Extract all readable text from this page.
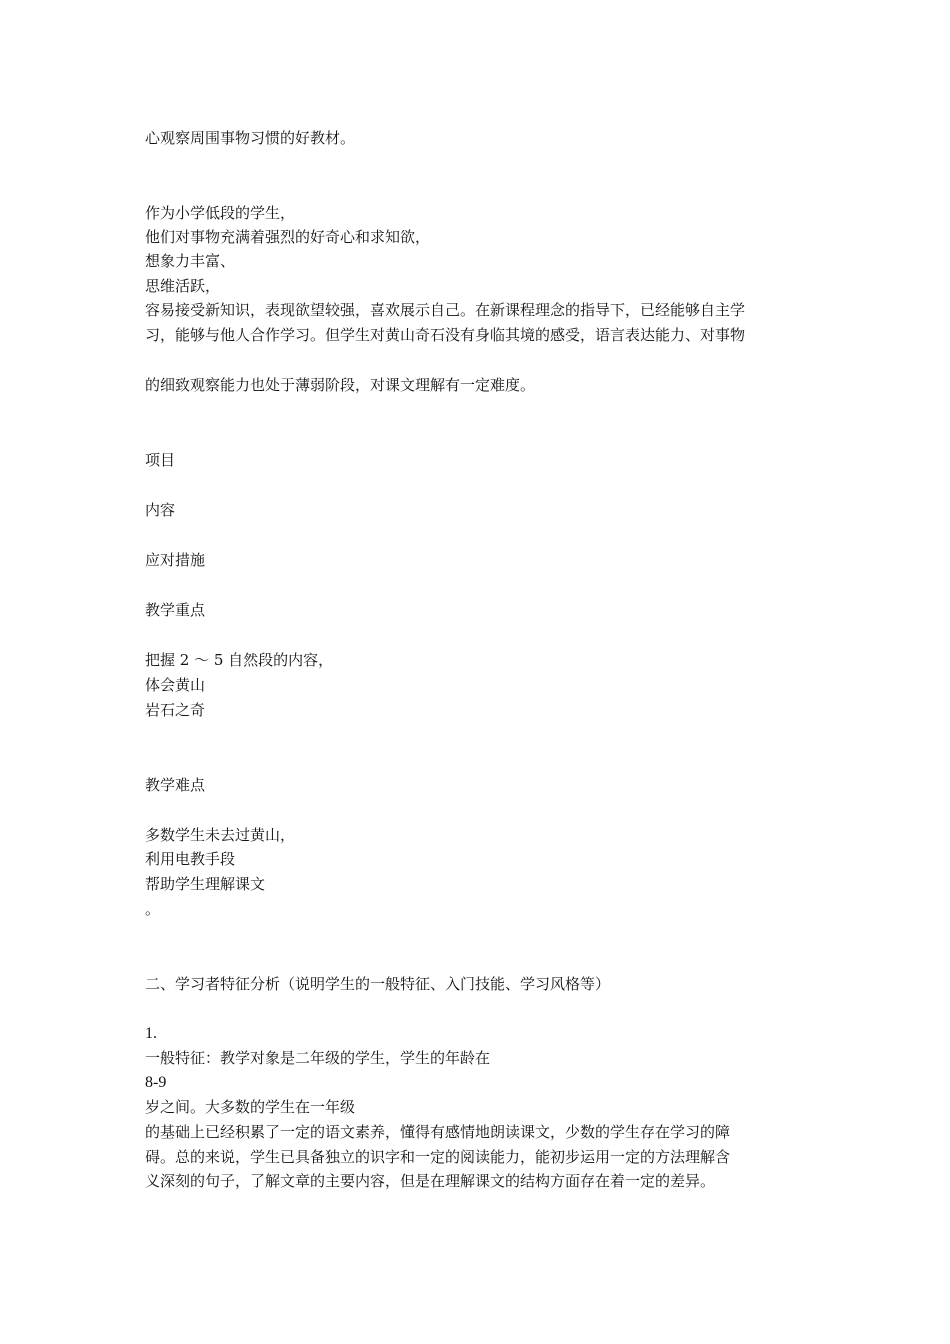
心观察周围事物习惯的好教材。
作为小学低段的学生，
他们对事物充满着强烈的好奇心和求知欲，
想象力丰富、
思维活跃，
容易接受新知识，表现欲望较强，喜欢展示自己。在新课程理念的指导下，已经能够自主学
习，能够与他人合作学习。但学生对黄山奇石没有身临其境的感受，语言表达能力、对事物
的细致观察能力也处于薄弱阶段，对课文理解有一定难度。
项目
内容
应对措施
教学重点
把握 2 ～ 5 自然段的内容，
体会黄山
岩石之奇
教学难点
多数学生未去过黄山，
利用电教手段
帮助学生理解课文
。
二、学习者特征分析（说明学生的一般特征、入门技能、学习风格等）
1.
一般特征：教学对象是二年级的学生，学生的年龄在
8-9
岁之间。大多数的学生在一年级
的基础上已经积累了一定的语文素养，懂得有感情地朗读课文，少数的学生存在学习的障
碍。总的来说，学生已具备独立的识字和一定的阅读能力，能初步运用一定的方法理解含
义深刻的句子，了解文章的主要内容，但是在理解课文的结构方面存在着一定的差异。
